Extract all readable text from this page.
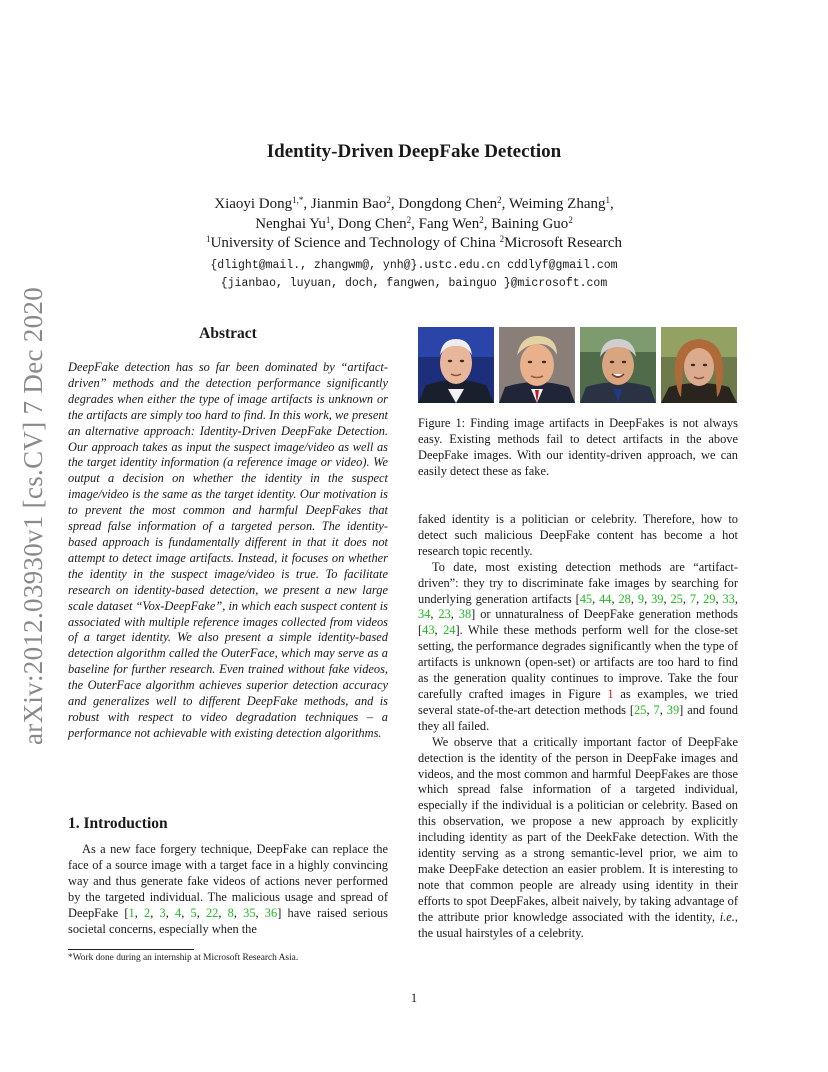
arXiv:2012.03930v1 [cs.CV] 7 Dec 2020
Identity-Driven DeepFake Detection
Xiaoyi Dong$^{1,*}$, Jianmin Bao$^2$, Dongdong Chen$^2$, Weiming Zhang$^1$,
Nenghai Yu$^1$, Dong Chen$^2$, Fang Wen$^2$, Baining Guo$^2$
$^1$University of Science and Technology of China $^2$Microsoft Research
{dlight@mail., zhangwm@, ynh@}.ustc.edu.cn cddlyf@gmail.com
{jianbao, luyuan, doch, fangwen, bainguo }@microsoft.com
Abstract
DeepFake detection has so far been dominated by “artifact-driven” methods and the detection performance significantly degrades when either the type of image artifacts is unknown or the artifacts are simply too hard to find. In this work, we present an alternative approach: Identity-Driven DeepFake Detection. Our approach takes as input the suspect image/video as well as the target identity information (a reference image or video). We output a decision on whether the identity in the suspect image/video is the same as the target identity. Our motivation is to prevent the most common and harmful DeepFakes that spread false information of a targeted person. The identity-based approach is fundamentally different in that it does not attempt to detect image artifacts. Instead, it focuses on whether the identity in the suspect image/video is true. To facilitate research on identity-based detection, we present a new large scale dataset “Vox-DeepFake”, in which each suspect content is associated with multiple reference images collected from videos of a target identity. We also present a simple identity-based detection algorithm called the OuterFace, which may serve as a baseline for further research. Even trained without fake videos, the OuterFace algorithm achieves superior detection accuracy and generalizes well to different DeepFake methods, and is robust with respect to video degradation techniques – a performance not achievable with existing detection algorithms.
1. Introduction

As a new face forgery technique, DeepFake can replace the face of a source image with a target face in a highly convincing way and thus generate fake videos of actions never performed by the targeted individual. The malicious usage and spread of DeepFake [1, 2, 3, 4, 5, 22, 8, 35, 36] have raised serious societal concerns, especially when the

*Work done during an internship at Microsoft Research Asia.
Figure 1: Finding image artifacts in DeepFakes is not always easy. Existing methods fail to detect artifacts in the above DeepFake images. With our identity-driven approach, we can easily detect these as fake.

faked identity is a politician or celebrity. Therefore, how to detect such malicious DeepFake content has become a hot research topic recently.

To date, most existing detection methods are “artifact-driven”: they try to discriminate fake images by searching for underlying generation artifacts [45, 44, 28, 9, 39, 25, 7, 29, 33, 34, 23, 38] or unnaturalness of DeepFake generation methods [43, 24]. While these methods perform well for the close-set setting, the performance degrades significantly when the type of artifacts is unknown (open-set) or artifacts are too hard to find as the generation quality continues to improve. Take the four carefully crafted images in Figure 1 as examples, we tried several state-of-the-art detection methods [25, 7, 39] and found they all failed.

We observe that a critically important factor of DeepFake detection is the identity of the person in DeepFake images and videos, and the most common and harmful DeepFakes are those which spread false information of a targeted individual, especially if the individual is a politician or celebrity. Based on this observation, we propose a new approach by explicitly including identity as part of the DeekFake detection. With the identity serving as a strong semantic-level prior, we aim to make DeepFake detection an easier problem. It is interesting to note that common people are already using identity in their efforts to spot DeepFakes, albeit naively, by taking advantage of the attribute prior knowledge associated with the identity, i.e., the usual hairstyles of a celebrity.

1
